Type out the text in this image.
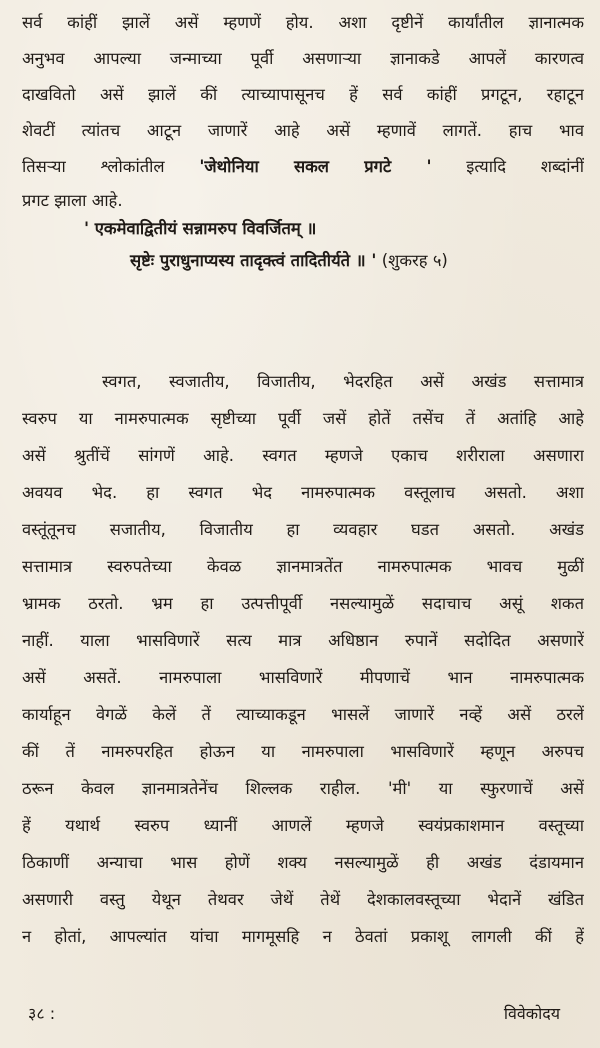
सर्व कांहीं झालें असें म्हणणें होय. अशा दृष्टीनें कार्यांतील ज्ञानात्मक
अनुभव आपल्या जन्माच्या पूर्वी असणाऱ्या ज्ञानाकडे आपलें कारणत्व
दाखवितो असें झालें कीं त्याच्यापासूनच हें सर्व कांहीं प्रगटून, रहाटून
शेवटीं त्यांतच आटून जाणारें आहे असें म्हणावें लागतें. हाच भाव
तिसऱ्या श्लोकांतील 'जेथोनिया सकल प्रगटे ' इत्यादि शब्दांनीं
प्रगट झाला आहे.
' एकमेवाद्वितीयं सन्नामरुप विवर्जितम् ॥
सृष्टेः पुराधुनाप्यस्य तादृक्त्वं तादितीर्यते ॥ ' (शुकरह ५)
स्वगत, स्वजातीय, विजातीय, भेदरहित असें अखंड सत्तामात्र
स्वरुप या नामरुपात्मक सृष्टीच्या पूर्वी जसें होतें तसेंच तें अतांहि आहे
असें श्रुतींचें सांगणें आहे. स्वगत म्हणजे एकाच शरीराला असणारा
अवयव भेद. हा स्वगत भेद नामरुपात्मक वस्तूलाच असतो. अशा
वस्तूंतूनच सजातीय, विजातीय हा व्यवहार घडत असतो. अखंड
सत्तामात्र स्वरुपतेच्या केवळ ज्ञानमात्रतेंत नामरुपात्मक भावच मुळीं
भ्रामक ठरतो. भ्रम हा उत्पत्तीपूर्वी नसल्यामुळें सदाचाच असूं शकत
नाहीं. याला भासविणारें सत्य मात्र अधिष्ठान रुपानें सदोदित असणारें
असें असतें. नामरुपाला भासविणारें मीपणाचें भान नामरुपात्मक
कार्याहून वेगळें केलें तें त्याच्याकडून भासलें जाणारें नव्हें असें ठरलें
कीं तें नामरुपरहित होऊन या नामरुपाला भासविणारें म्हणून अरुपच
ठरून केवल ज्ञानमात्रतेनेंच शिल्लक राहील. 'मी' या स्फुरणाचें असें
हें यथार्थ स्वरुप ध्यानीं आणलें म्हणजे स्वयंप्रकाशमान वस्तूच्या
ठिकाणीं अन्याचा भास होणें शक्य नसल्यामुळें ही अखंड दंडायमान
असणारी वस्तु येथून तेथवर जेथें तेथें देशकालवस्तूच्या भेदानें खंडित
न होतां, आपल्यांत यांचा मागमूसहि न ठेवतां प्रकाशू लागली कीं हें
३८ :	विवेकोदय
